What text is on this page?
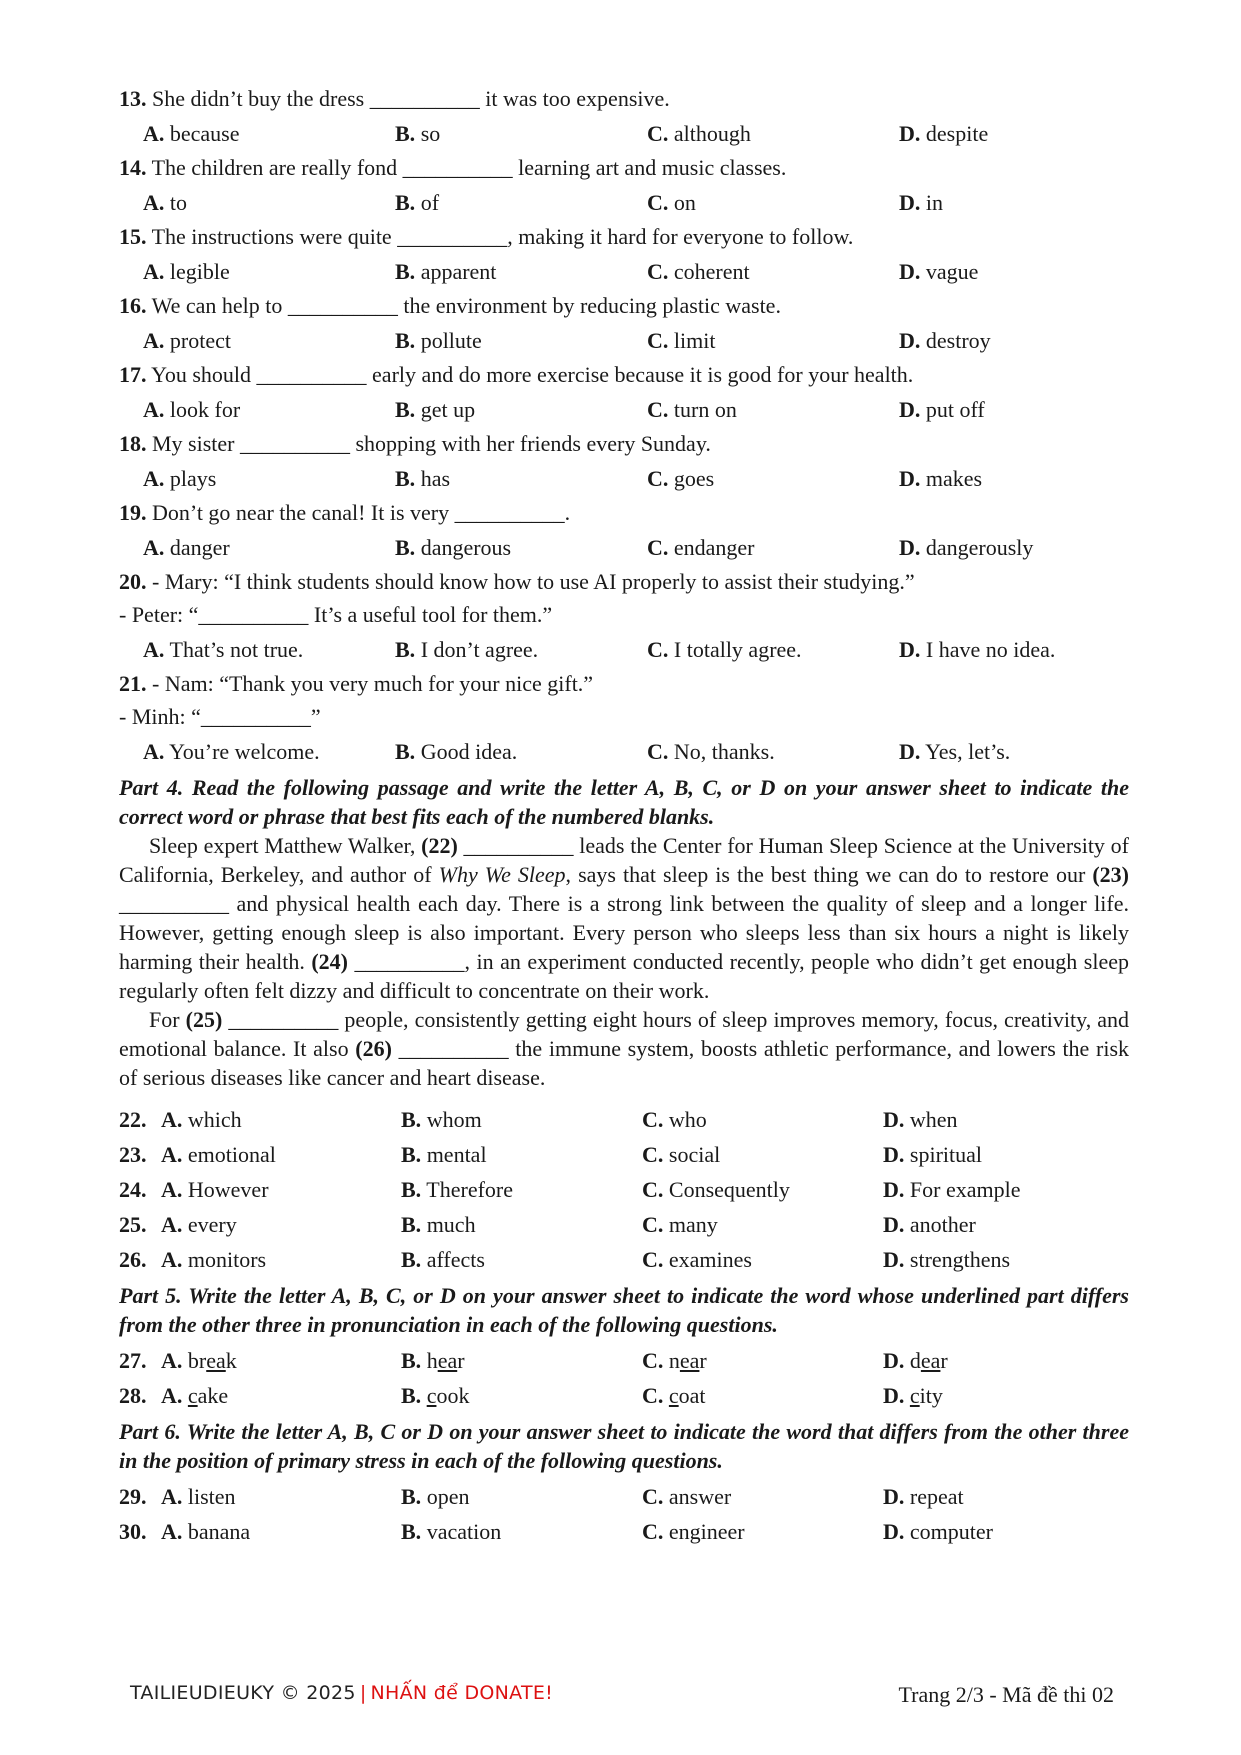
13. She didn’t buy the dress __________ it was too expensive.

A. because	B. so	C. although	D. despite

14. The children are really fond __________ learning art and music classes.

A. to	B. of	C. on	D. in

15. The instructions were quite __________, making it hard for everyone to follow.

A. legible	B. apparent	C. coherent	D. vague

16. We can help to __________ the environment by reducing plastic waste.

A. protect	B. pollute	C. limit	D. destroy

17. You should __________ early and do more exercise because it is good for your health.

A. look for	B. get up	C. turn on	D. put off

18. My sister __________ shopping with her friends every Sunday.

A. plays	B. has	C. goes	D. makes

19. Don’t go near the canal! It is very __________.

A. danger	B. dangerous	C. endanger	D. dangerously

20. - Mary: “I think students should know how to use AI properly to assist their studying.”

- Peter: “__________ It’s a useful tool for them.”

A. That’s not true.	B. I don’t agree.	C. I totally agree.	D. I have no idea.

21. - Nam: “Thank you very much for your nice gift.”

- Minh: “__________”

A. You’re welcome.	B. Good idea.	C. No, thanks.	D. Yes, let’s.

Part 4. Read the following passage and write the letter A, B, C, or D on your answer sheet to indicate the correct word or phrase that best fits each of the numbered blanks.

Sleep expert Matthew Walker, (22) __________ leads the Center for Human Sleep Science at the University of California, Berkeley, and author of Why We Sleep, says that sleep is the best thing we can do to restore our (23) __________ and physical health each day. There is a strong link between the quality of sleep and a longer life. However, getting enough sleep is also important. Every person who sleeps less than six hours a night is likely harming their health. (24) __________, in an experiment conducted recently, people who didn’t get enough sleep regularly often felt dizzy and difficult to concentrate on their work.

For (25) __________ people, consistently getting eight hours of sleep improves memory, focus, creativity, and emotional balance. It also (26) __________ the immune system, boosts athletic performance, and lowers the risk of serious diseases like cancer and heart disease.

22. A. which	B. whom	C. who	D. when
23. A. emotional	B. mental	C. social	D. spiritual
24. A. However	B. Therefore	C. Consequently	D. For example
25. A. every	B. much	C. many	D. another
26. A. monitors	B. affects	C. examines	D. strengthens

Part 5. Write the letter A, B, C, or D on your answer sheet to indicate the word whose underlined part differs from the other three in pronunciation in each of the following questions.

27. A. break	B. hear	C. near	D. dear
28. A. cake	B. cook	C. coat	D. city

Part 6. Write the letter A, B, C or D on your answer sheet to indicate the word that differs from the other three in the position of primary stress in each of the following questions.

29. A. listen	B. open	C. answer	D. repeat
30. A. banana	B. vacation	C. engineer	D. computer
TAILIEUDIEUKY © 2025 | NHẤN để DONATE!	Trang 2/3 - Mã đề thi 02
